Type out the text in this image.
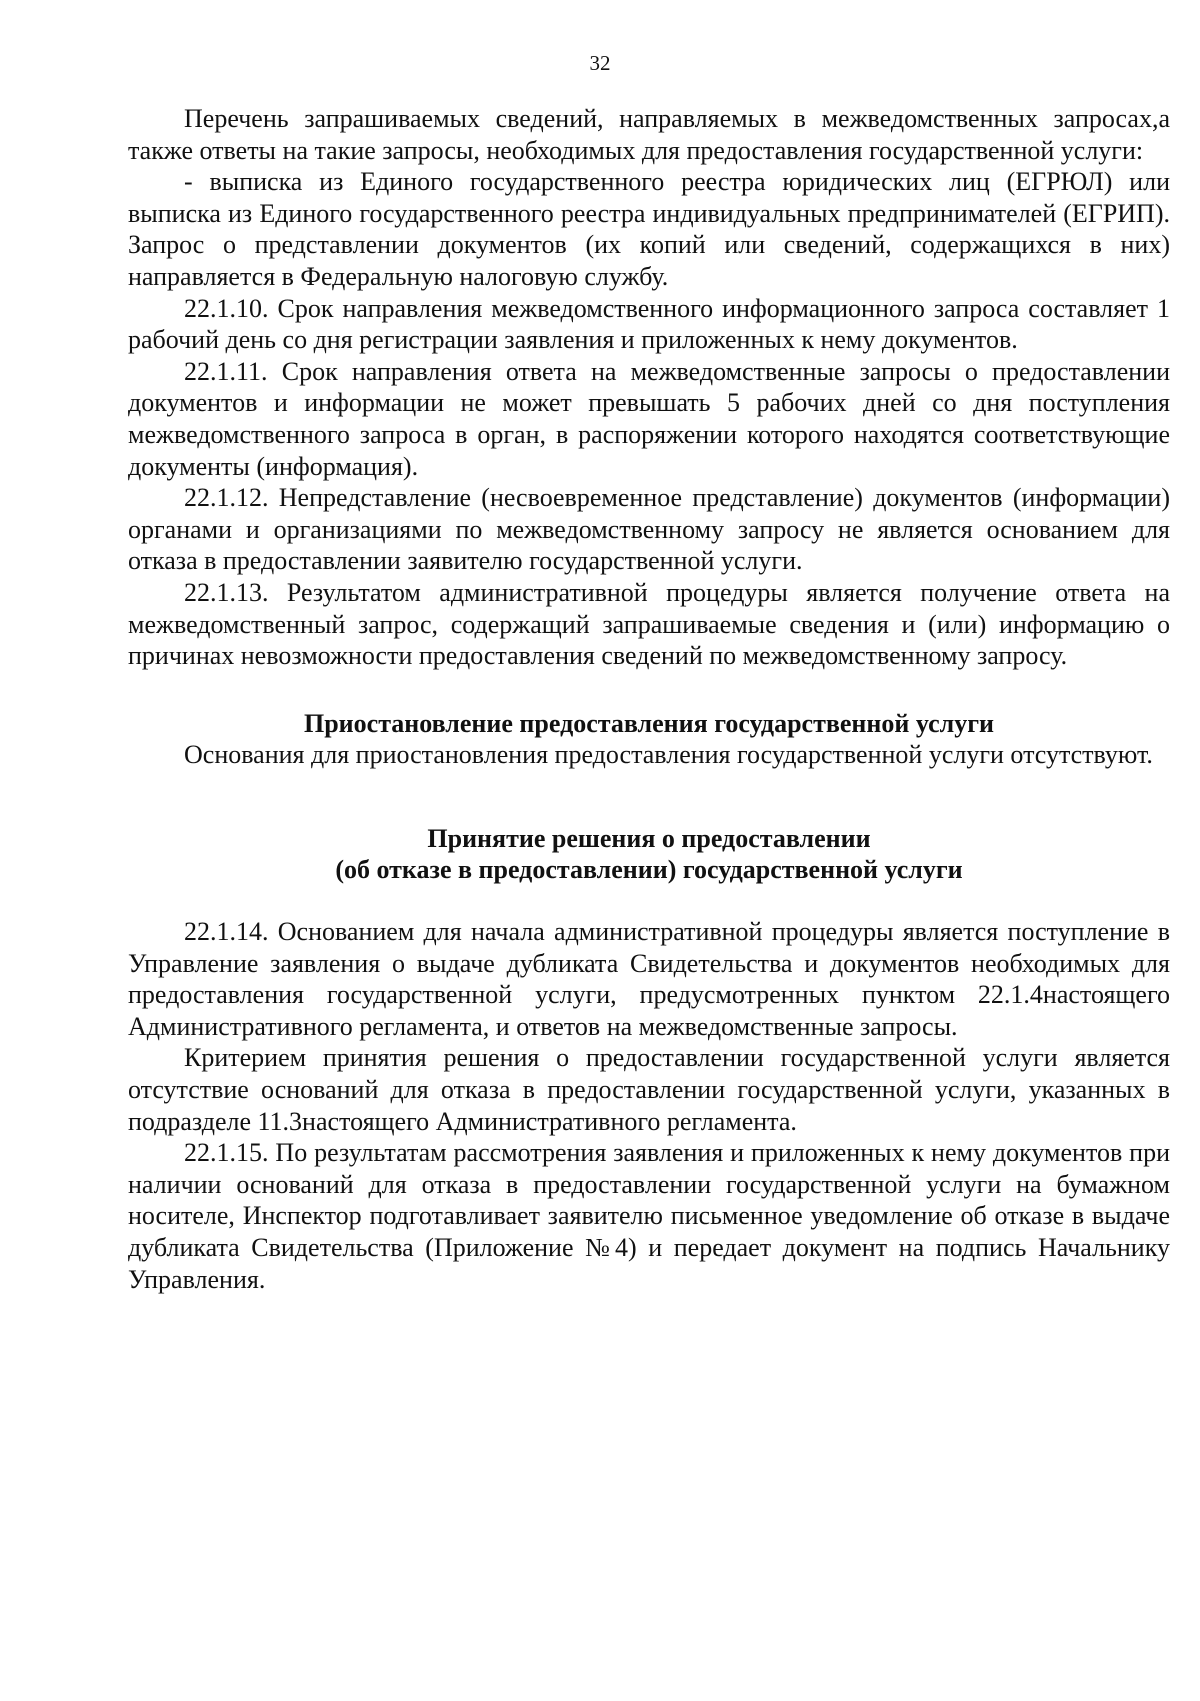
32

Перечень запрашиваемых сведений, направляемых в межведомственных запросах,а также ответы на такие запросы, необходимых для предоставления государственной услуги:

- выписка из Единого государственного реестра юридических лиц (ЕГРЮЛ) или выписка из Единого государственного реестра индивидуальных предпринимателей (ЕГРИП). Запрос о представлении документов (их копий или сведений, содержащихся в них) направляется в Федеральную налоговую службу.

22.1.10. Срок направления межведомственного информационного запроса составляет 1 рабочий день со дня регистрации заявления и приложенных к нему документов.

22.1.11. Срок направления ответа на межведомственные запросы о предоставлении документов и информации не может превышать 5 рабочих дней со дня поступления межведомственного запроса в орган, в распоряжении которого находятся соответствующие документы (информация).

22.1.12. Непредставление (несвоевременное представление) документов (информации) органами и организациями по межведомственному запросу не является основанием для отказа в предоставлении заявителю государственной услуги.

22.1.13. Результатом административной процедуры является получение ответа на межведомственный запрос, содержащий запрашиваемые сведения и (или) информацию о причинах невозможности предоставления сведений по межведомственному запросу.

Приостановление предоставления государственной услуги

Основания для приостановления предоставления государственной услуги отсутствуют.

Принятие решения о предоставлении
(об отказе в предоставлении) государственной услуги

22.1.14. Основанием для начала административной процедуры является поступление в Управление заявления о выдаче дубликата Свидетельства и документов необходимых для предоставления государственной услуги, предусмотренных пунктом 22.1.4настоящего Административного регламента, и ответов на межведомственные запросы.

Критерием принятия решения о предоставлении государственной услуги является отсутствие оснований для отказа в предоставлении государственной услуги, указанных в подразделе 11.3настоящего Административного регламента.

22.1.15. По результатам рассмотрения заявления и приложенных к нему документов при наличии оснований для отказа в предоставлении государственной услуги на бумажном носителе, Инспектор подготавливает заявителю письменное уведомление об отказе в выдаче дубликата Свидетельства (Приложение №4) и передает документ на подпись Начальнику Управления.
